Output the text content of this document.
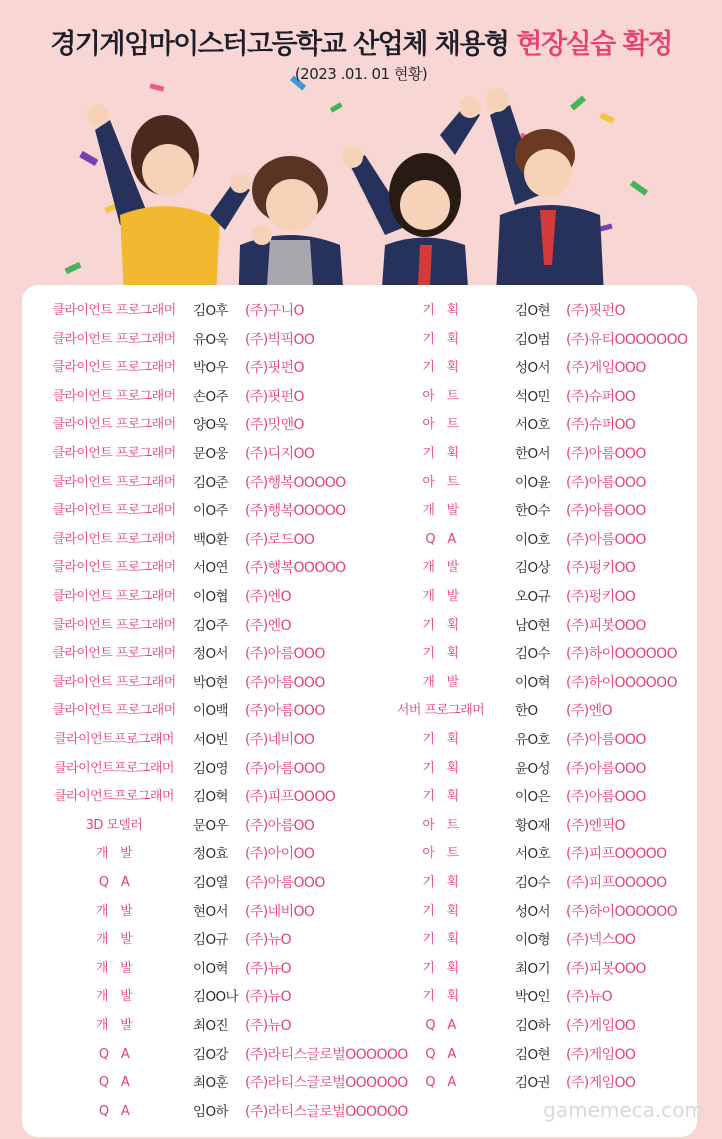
경기게임마이스터고등학교 산업체 채용형 현장실습 확정
(2023 .01. 01 현황)
클라이언트 프로그래머	김O후 (주)구니O
클라이언트 프로그래머	유O욱 (주)빅픽OO
클라이언트 프로그래머	박O우 (주)핏펀O
클라이언트 프로그래머	손O주 (주)핏펀O
클라이언트 프로그래머	양O욱 (주)밋앤O
클라이언트 프로그래머	문O웅 (주)디지OO
클라이언트 프로그래머	김O준 (주)행복OOOOO
클라이언트 프로그래머	이O주 (주)행복OOOOO
클라이언트 프로그래머	백O환 (주)로드OO
클라이언트 프로그래머	서O연 (주)행복OOOOO
클라이언트 프로그래머	이O협 (주)엔O
클라이언트 프로그래머	김O주 (주)엔O
클라이언트 프로그래머	정O서 (주)아름OOO
클라이언트 프로그래머	박O현 (주)아름OOO
클라이언트 프로그래머	이O백 (주)아름OOO
클라이언트프로그래머	서O빈 (주)네비OO
클라이언트프로그래머	김O영 (주)아름OOO
클라이언트프로그래머	김O혁 (주)피프OOOO
3D 모델러	문O우 (주)아름OO
개　발	정O효 (주)아이OO
Q　A	김O열 (주)아름OOO
개　발	현O서 (주)네비OO
개　발	김O규 (주)뉴O
개　발	이O혁 (주)뉴O
개　발	김OO나 (주)뉴O
개　발	최O진 (주)뉴O
Q　A	김O강 (주)라티스글로벌OOOOOO
Q　A	최O훈 (주)라티스글로벌OOOOOO
Q　A	임O하 (주)라티스글로벌OOOOOO
기　획	김O현 (주)핏펀O
기　획	김O범 (주)유티OOOOOOO
기　획	성O서 (주)게임OOO
아　트	석O민 (주)슈퍼OO
아　트	서O호 (주)슈퍼OO
기　획	한O서 (주)아름OOO
아　트	이O윤 (주)아름OOO
개　발	한O수 (주)아름OOO
Q　A	이O호 (주)아름OOO
개　발	김O상 (주)펑키OO
개　발	오O규 (주)펑키OO
기　획	남O현 (주)피봇OOO
기　획	김O수 (주)하이OOOOOO
개　발	이O혁 (주)하이OOOOOO
서버 프로그래머	한O (주)엔O
기　획	유O호 (주)아름OOO
기　획	윤O성 (주)아름OOO
기　획	이O은 (주)아름OOO
아　트	황O재 (주)엔픽O
아　트	서O호 (주)피프OOOOO
기　획	김O수 (주)피프OOOOO
기　획	성O서 (주)하이OOOOOO
기　획	이O형 (주)넥스OO
기　획	최O기 (주)피봇OOO
기　획	박O인 (주)뉴O
Q　A	김O하 (주)게임OO
Q　A	김O현 (주)게임OO
Q　A	김O권 (주)게임OO
gamemeca.com
